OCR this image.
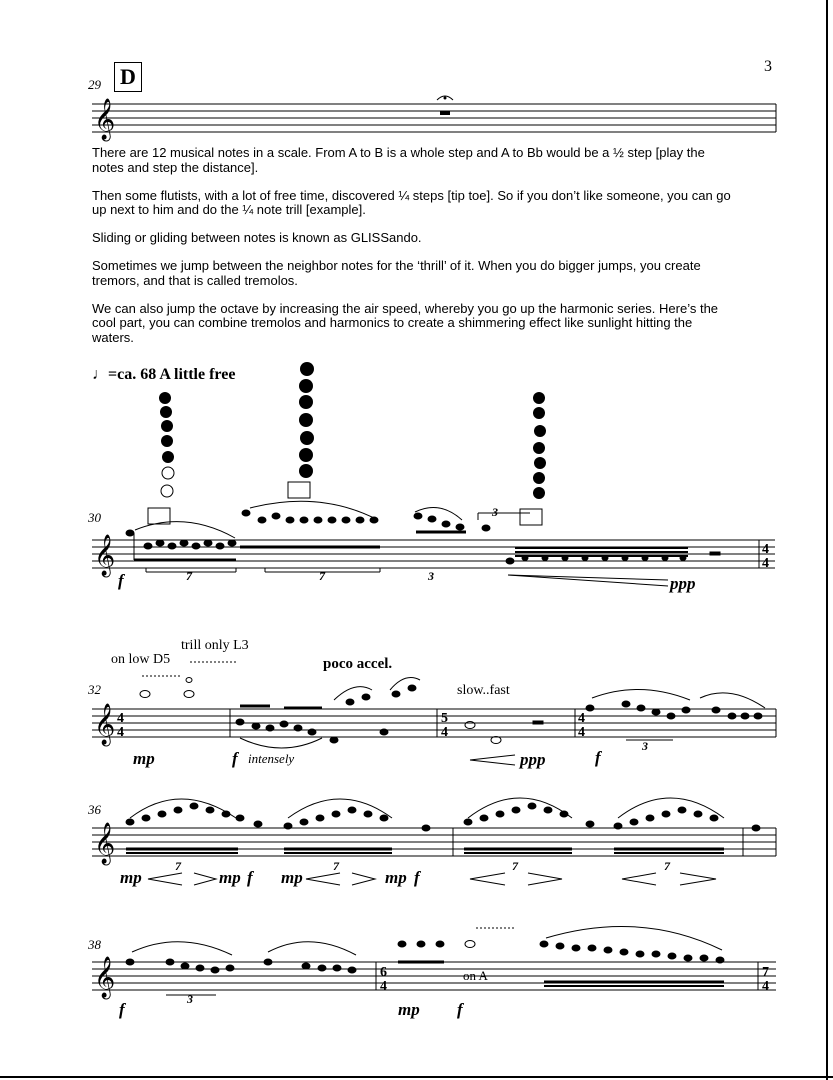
3
D
29
30
32
36
38

There are 12 musical notes in a scale. From A to B is a whole step and A to Bb would be a ½ step [play the notes and step the distance].

Then some flutists, with a lot of free time, discovered ¼ steps [tip toe]. So if you don’t like someone, you can go up next to him and do the ¼ note trill [example].

Sliding or gliding between notes is known as GLISSando.

Sometimes we jump between the neighbor notes for the ‘thrill’ of it. When you do bigger jumps, you create tremors, and that is called tremolos.

We can also jump the octave by increasing the air speed, whereby you go up the harmonic series. Here’s the cool part, you can combine tremolos and harmonics to create a shimmering effect like sunlight hitting the waters.

♩=ca. 68 A little free
on low D5
trill only L3
poco accel.
slow..fast
on A
intensely
f	ppp
mp	f	ppp	f
mp	mp f mp	mp f
f	mp f
7	7	3
3
3
7	7	7	7
3
𝄞
𝄞	4
4
𝄞 4
4
5
4
4
4
𝄞
𝄞	6
4
7
4
